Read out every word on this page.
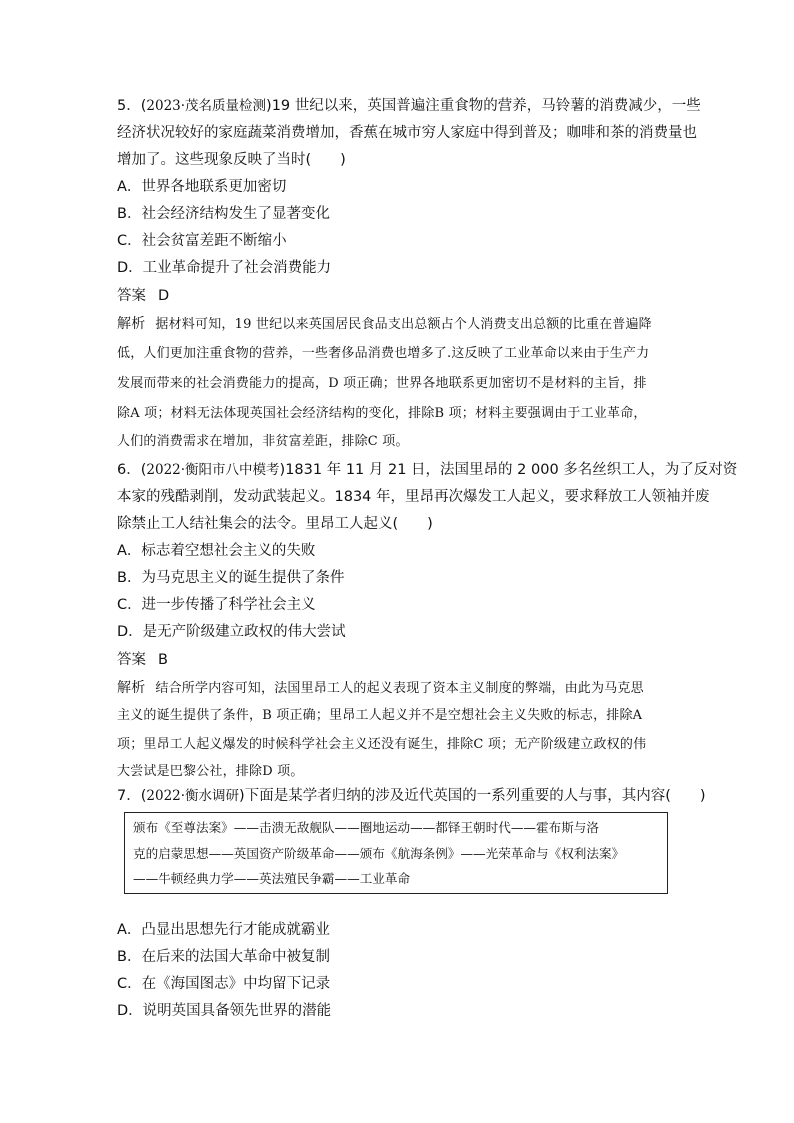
5．(2023·茂名质量检测)19 世纪以来，英国普遍注重食物的营养，马铃薯的消费减少，一些
经济状况较好的家庭蔬菜消费增加，香蕉在城市穷人家庭中得到普及；咖啡和茶的消费量也
增加了。这些现象反映了当时(　　)
A．世界各地联系更加密切
B．社会经济结构发生了显著变化
C．社会贫富差距不断缩小
D．工业革命提升了社会消费能力
答案 D
解析 据材料可知，19 世纪以来英国居民食品支出总额占个人消费支出总额的比重在普遍降
低，人们更加注重食物的营养，一些奢侈品消费也增多了.这反映了工业革命以来由于生产力
发展而带来的社会消费能力的提高，D 项正确；世界各地联系更加密切不是材料的主旨，排
除A 项；材料无法体现英国社会经济结构的变化，排除B 项；材料主要强调由于工业革命，
人们的消费需求在增加，非贫富差距，排除C 项。
6．(2022·衡阳市八中模考)1831 年 11 月 21 日，法国里昂的 2 000 多名丝织工人，为了反对资
本家的残酷剥削，发动武装起义。1834 年，里昂再次爆发工人起义，要求释放工人领袖并废
除禁止工人结社集会的法令。里昂工人起义(　　)
A．标志着空想社会主义的失败
B．为马克思主义的诞生提供了条件
C．进一步传播了科学社会主义
D．是无产阶级建立政权的伟大尝试
答案 B
解析 结合所学内容可知，法国里昂工人的起义表现了资本主义制度的弊端，由此为马克思
主义的诞生提供了条件，B 项正确；里昂工人起义并不是空想社会主义失败的标志，排除A
项；里昂工人起义爆发的时候科学社会主义还没有诞生，排除C 项；无产阶级建立政权的伟
大尝试是巴黎公社，排除D 项。
7．(2022·衡水调研)下面是某学者归纳的涉及近代英国的一系列重要的人与事，其内容(　　)
颁布《至尊法案》——击溃无敌舰队——圈地运动——都铎王朝时代——霍布斯与洛
克的启蒙思想——英国资产阶级革命——颁布《航海条例》——光荣革命与《权利法案》
——牛顿经典力学——英法殖民争霸——工业革命
A．凸显出思想先行才能成就霸业
B．在后来的法国大革命中被复制
C．在《海国图志》中均留下记录
D．说明英国具备领先世界的潜能
